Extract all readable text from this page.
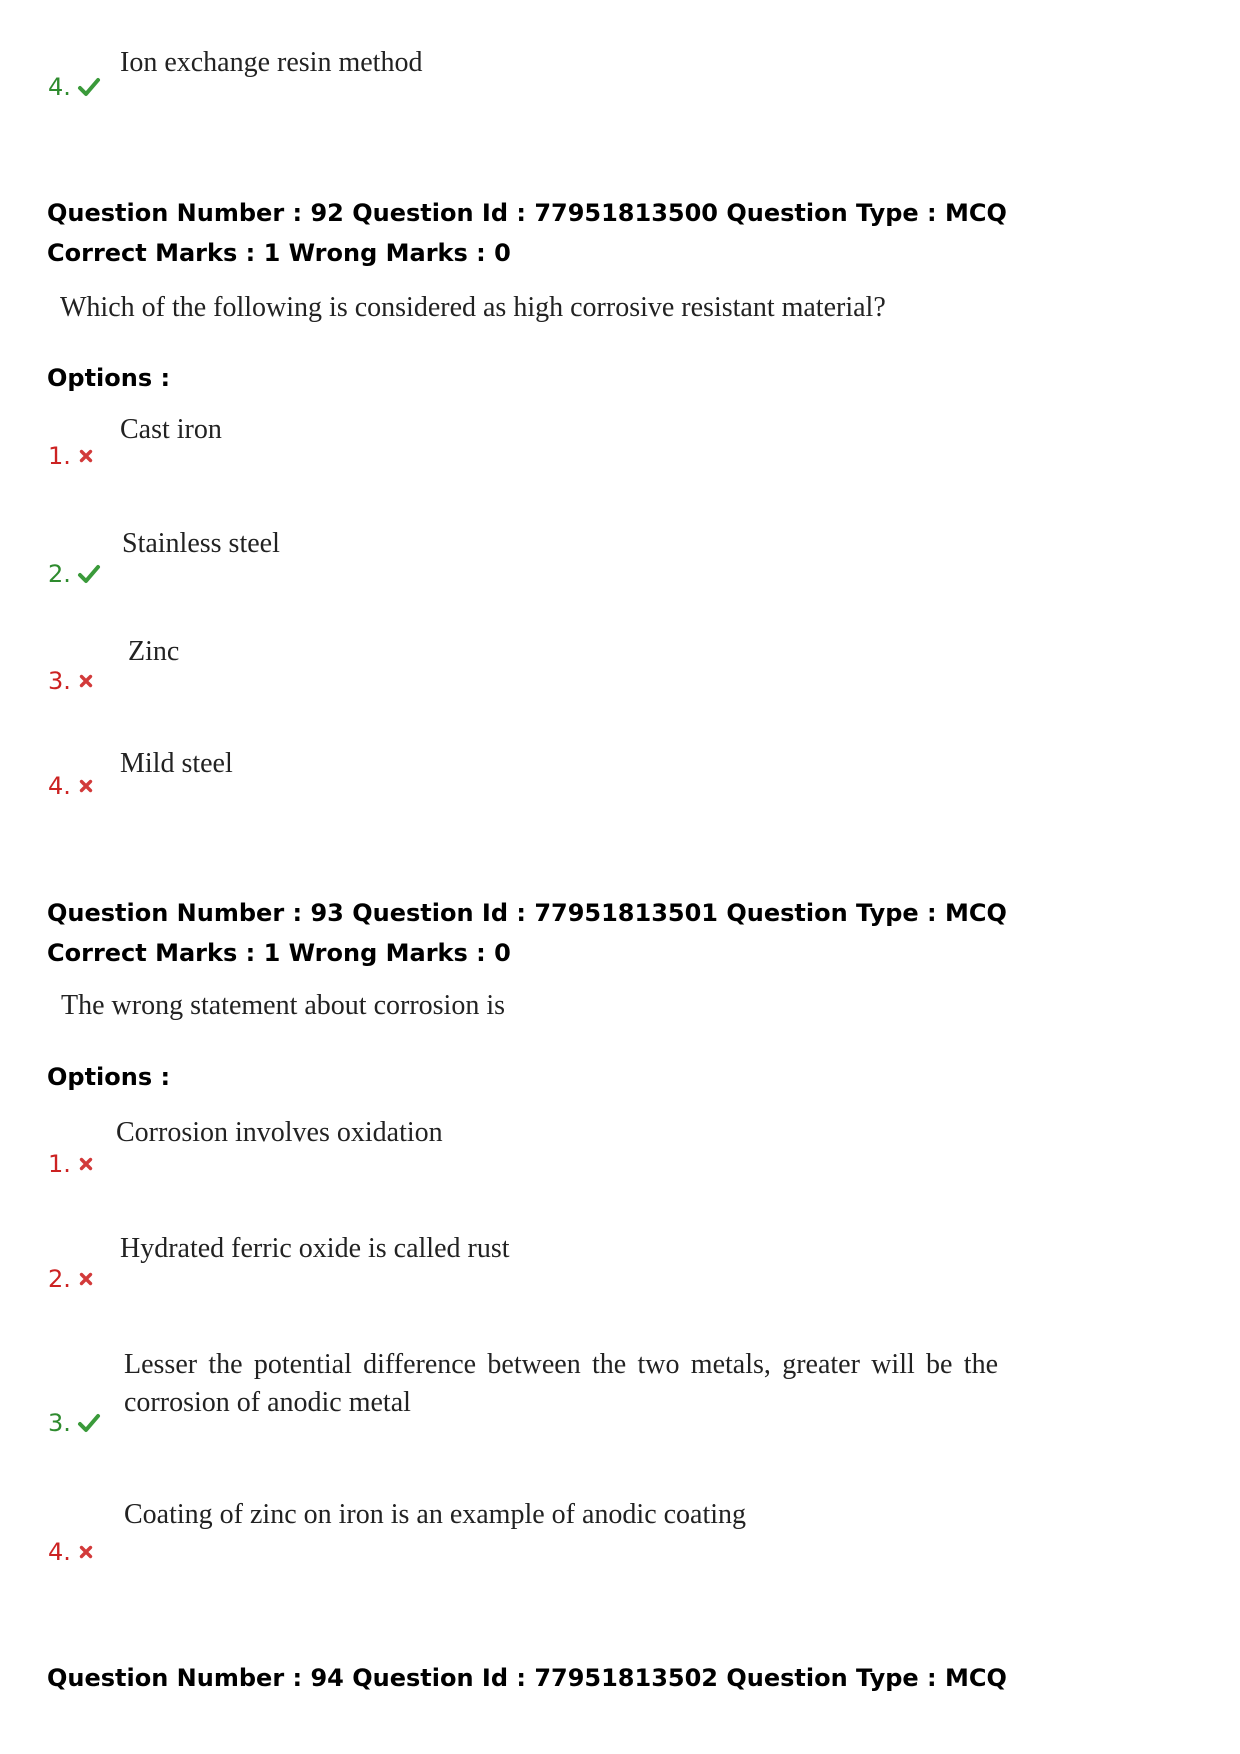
Ion exchange resin method
4.
Question Number : 92 Question Id : 77951813500 Question Type : MCQ
Correct Marks : 1 Wrong Marks : 0
Which of the following is considered as high corrosive resistant material?
Options :
Cast iron
1.
Stainless steel
2.
Zinc
3.
Mild steel
4.
Question Number : 93 Question Id : 77951813501 Question Type : MCQ
Correct Marks : 1 Wrong Marks : 0
The wrong statement about corrosion is
Options :
Corrosion involves oxidation
1.
Hydrated ferric oxide is called rust
2.
Lesser the potential difference between the two metals, greater will be the corrosion of anodic metal
3.
Coating of zinc on iron is an example of anodic coating
4.
Question Number : 94 Question Id : 77951813502 Question Type : MCQ
